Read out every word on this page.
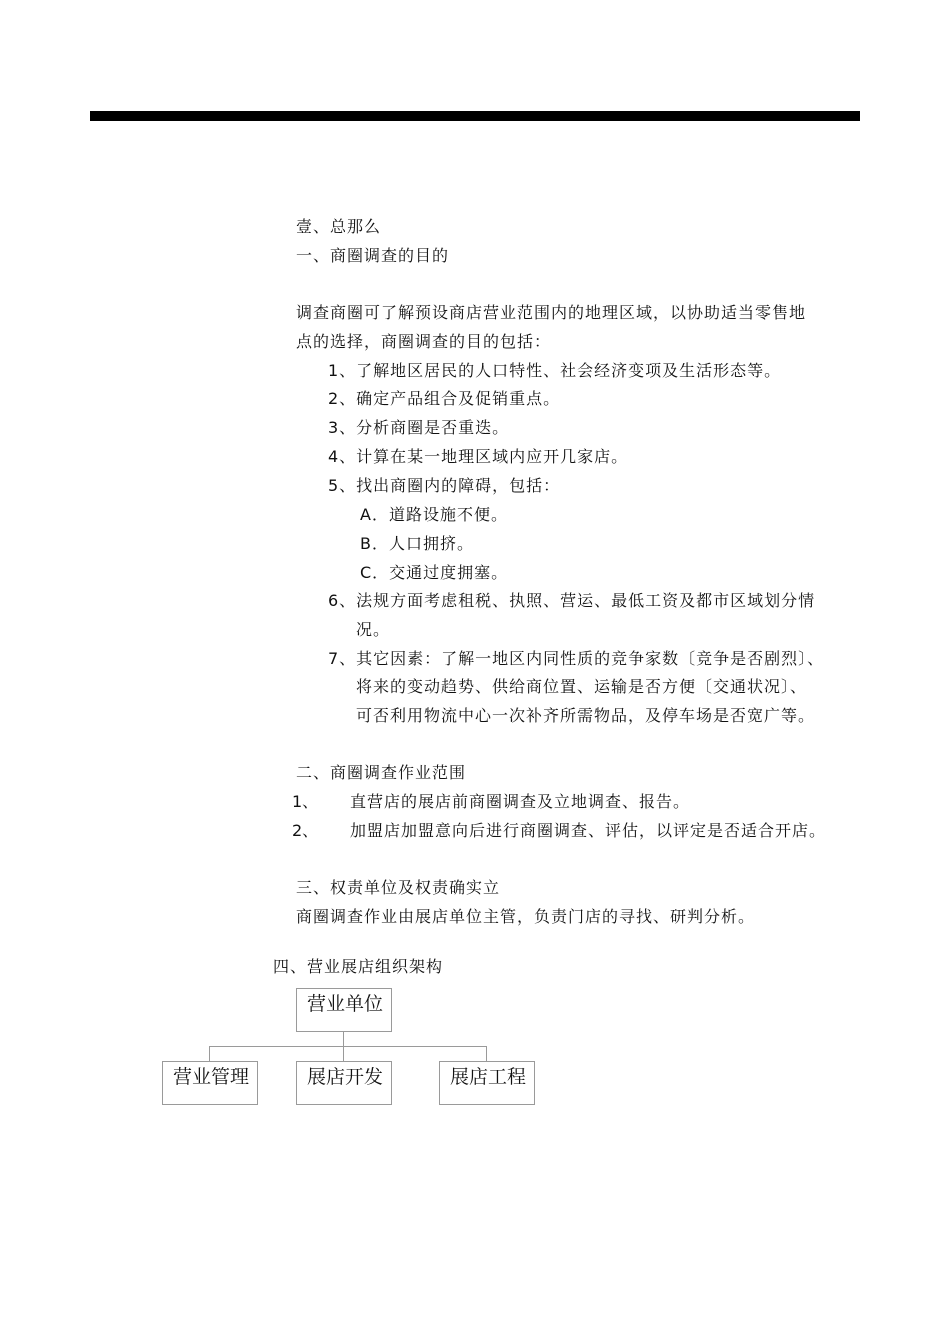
壹、总那么
一、商圈调查的目的
调查商圈可了解预设商店营业范围内的地理区域，以协助适当零售地
点的选择，商圈调查的目的包括：
1、了解地区居民的人口特性、社会经济变项及生活形态等。
2、确定产品组合及促销重点。
3、分析商圈是否重迭。
4、计算在某一地理区域内应开几家店。
5、找出商圈内的障碍，包括：
A．道路设施不便。
B．人口拥挤。
C．交通过度拥塞。
6、法规方面考虑租税、执照、营运、最低工资及都市区域划分情
况。
7、其它因素：了解一地区内同性质的竞争家数〔竞争是否剧烈〕、
将来的变动趋势、供给商位置、运输是否方便〔交通状况〕、
可否利用物流中心一次补齐所需物品，及停车场是否宽广等。
二、商圈调查作业范围
1、 直营店的展店前商圈调查及立地调查、报告。
2、 加盟店加盟意向后进行商圈调查、评估，以评定是否适合开店。
三、权责单位及权责确实立
商圈调查作业由展店单位主管，负责门店的寻找、研判分析。
四、营业展店组织架构
营业单位
营业管理	展店开发	展店工程
